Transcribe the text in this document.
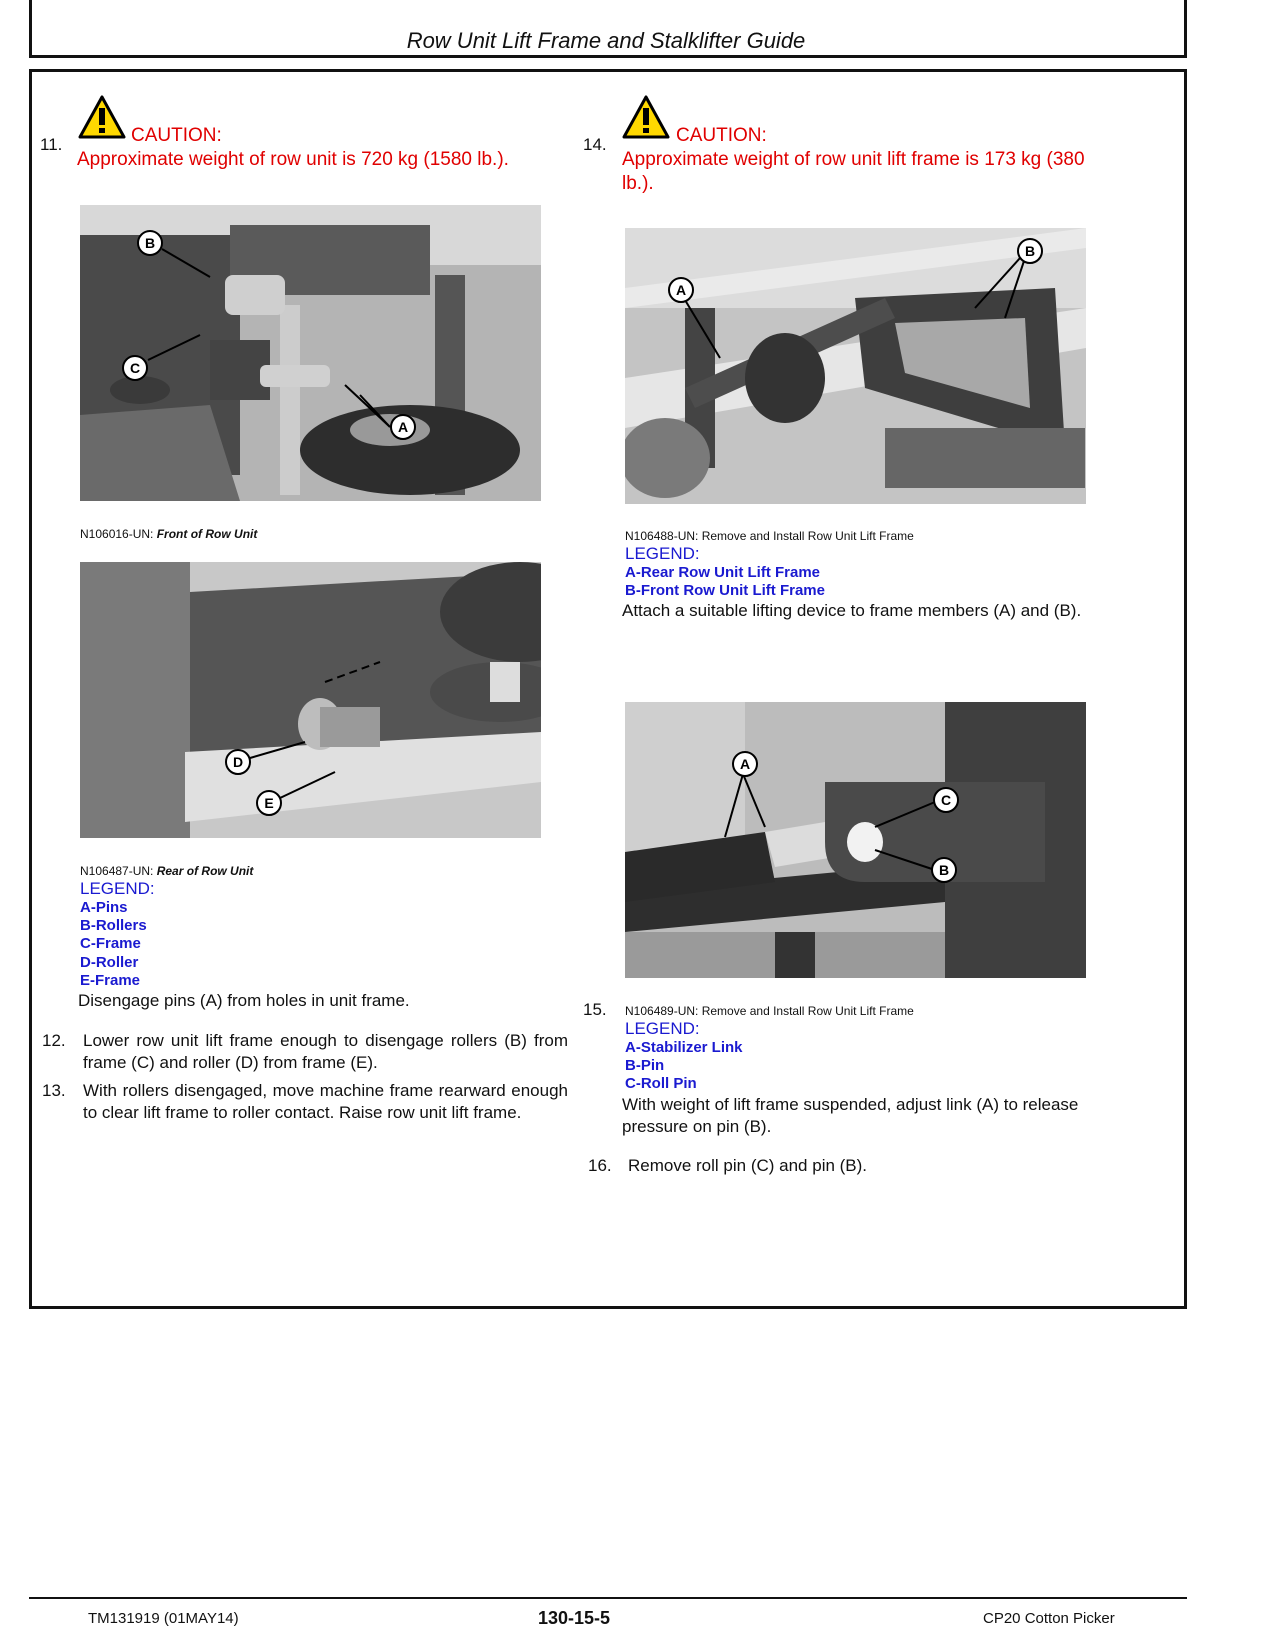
Row Unit Lift Frame and Stalklifter Guide
11.	CAUTION:
Approximate weight of row unit is 720 kg (1580 lb.).
B
C
A
N106016-UN: Front of Row Unit
D
E
N106487-UN: Rear of Row Unit
LEGEND:
A-Pins
B-Rollers
C-Frame
D-Roller
E-Frame
Disengage pins (A) from holes in unit frame.
12. Lower row unit lift frame enough to disengage rollers (B) from frame (C) and roller (D) from frame (E).
13. With rollers disengaged, move machine frame rearward enough to clear lift frame to roller contact. Raise row unit lift frame.
14.	CAUTION:
Approximate weight of row unit lift frame is 173 kg (380 lb.).
A
B
N106488-UN: Remove and Install Row Unit Lift Frame
LEGEND:
A-Rear Row Unit Lift Frame
B-Front Row Unit Lift Frame
Attach a suitable lifting device to frame members (A) and (B).
A
C
B
15. N106489-UN: Remove and Install Row Unit Lift Frame
LEGEND:
A-Stabilizer Link
B-Pin
C-Roll Pin
With weight of lift frame suspended, adjust link (A) to release pressure on pin (B).
16. Remove roll pin (C) and pin (B).
TM131919 (01MAY14)	130-15-5	CP20 Cotton Picker
